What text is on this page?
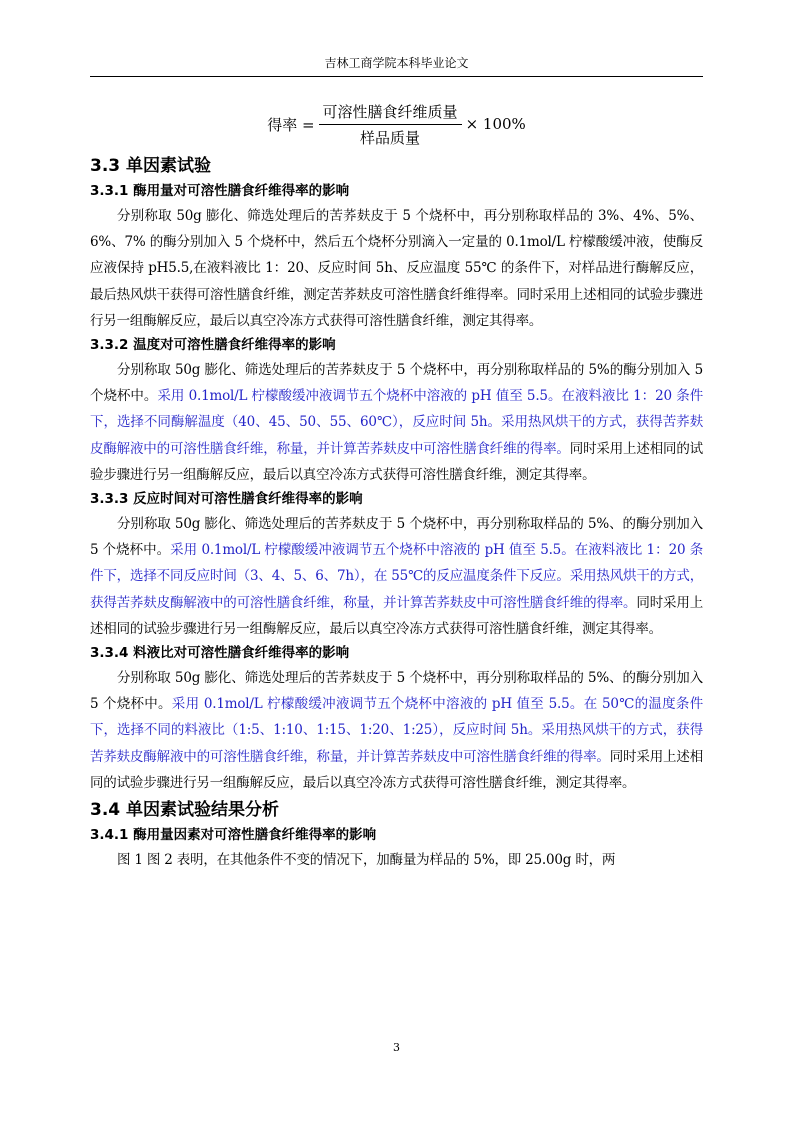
吉林工商学院本科毕业论文
得率 = $\frac{\text{可溶性膳食纤维质量}}{\text{样品质量}} \times 100\%$
3.3 单因素试验
3.3.1 酶用量对可溶性膳食纤维得率的影响

分别称取 50g 膨化、筛选处理后的苦荞麸皮于 5 个烧杯中，再分别称取样品的 3%、4%、5%、6%、7% 的酶分别加入 5 个烧杯中，然后五个烧杯分别滴入一定量的 0.1mol/L 柠檬酸缓冲液，使酶反应液保持 pH5.5,在液料液比 1：20、反应时间 5h、反应温度 55℃ 的条件下，对样品进行酶解反应，最后热风烘干获得可溶性膳食纤维，测定苦荞麸皮可溶性膳食纤维得率。同时采用上述相同的试验步骤进行另一组酶解反应，最后以真空冷冻方式获得可溶性膳食纤维，测定其得率。

3.3.2 温度对可溶性膳食纤维得率的影响

分别称取 50g 膨化、筛选处理后的苦荞麸皮于 5 个烧杯中，再分别称取样品的 5%的酶分别加入 5 个烧杯中。采用 0.1mol/L 柠檬酸缓冲液调节五个烧杯中溶液的 pH 值至 5.5。在液料液比 1：20 条件下，选择不同酶解温度（40、45、50、55、60℃），反应时间 5h。采用热风烘干的方式，获得苦荞麸皮酶解液中的可溶性膳食纤维，称量，并计算苦荞麸皮中可溶性膳食纤维的得率。同时采用上述相同的试验步骤进行另一组酶解反应，最后以真空冷冻方式获得可溶性膳食纤维，测定其得率。

3.3.3 反应时间对可溶性膳食纤维得率的影响

分别称取 50g 膨化、筛选处理后的苦荞麸皮于 5 个烧杯中，再分别称取样品的 5%、的酶分别加入 5 个烧杯中。采用 0.1mol/L 柠檬酸缓冲液调节五个烧杯中溶液的 pH 值至 5.5。在液料液比 1：20 条件下，选择不同反应时间（3、4、5、6、7h），在 55℃的反应温度条件下反应。采用热风烘干的方式，获得苦荞麸皮酶解液中的可溶性膳食纤维，称量，并计算苦荞麸皮中可溶性膳食纤维的得率。同时采用上述相同的试验步骤进行另一组酶解反应，最后以真空冷冻方式获得可溶性膳食纤维，测定其得率。

3.3.4 料液比对可溶性膳食纤维得率的影响

分别称取 50g 膨化、筛选处理后的苦荞麸皮于 5 个烧杯中，再分别称取样品的 5%、的酶分别加入 5 个烧杯中。采用 0.1mol/L 柠檬酸缓冲液调节五个烧杯中溶液的 pH 值至 5.5。在 50℃的温度条件下，选择不同的料液比（1:5、1:10、1:15、1:20、1:25），反应时间 5h。采用热风烘干的方式，获得苦荞麸皮酶解液中的可溶性膳食纤维，称量，并计算苦荞麸皮中可溶性膳食纤维的得率。同时采用上述相同的试验步骤进行另一组酶解反应，最后以真空冷冻方式获得可溶性膳食纤维，测定其得率。

3.4 单因素试验结果分析
3.4.1 酶用量因素对可溶性膳食纤维得率的影响

图 1 图 2 表明，在其他条件不变的情况下，加酶量为样品的 5%，即 25.00g 时，两

3
